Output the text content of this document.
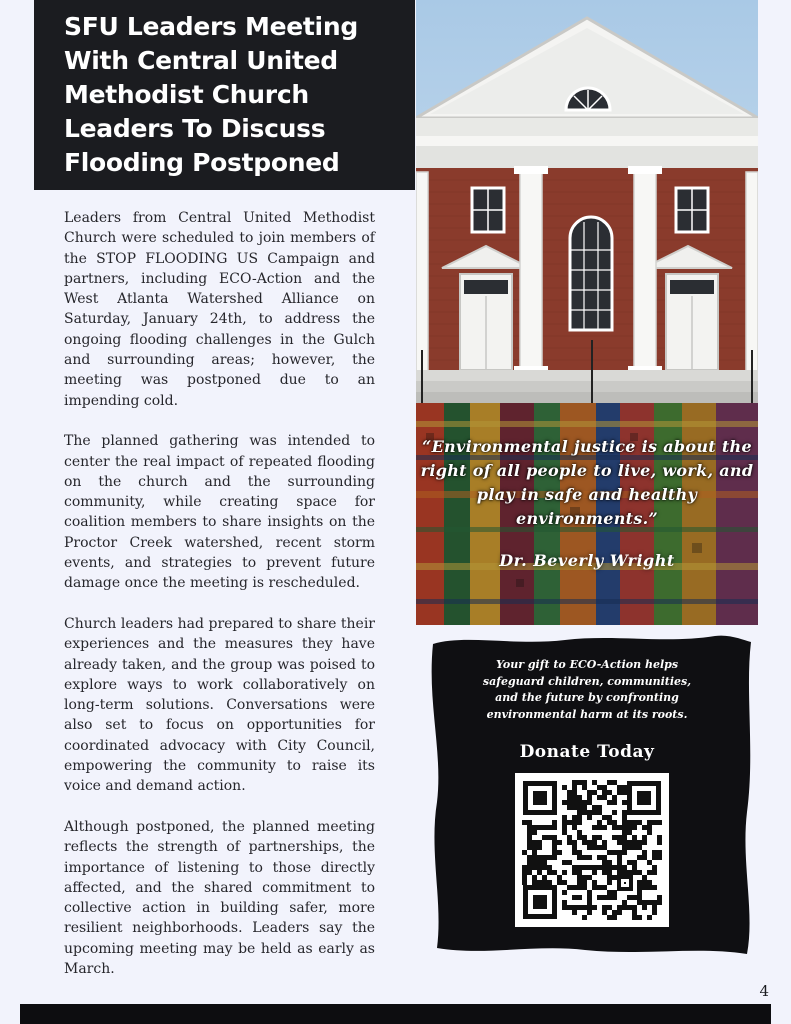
SFU Leaders Meeting With Central United Methodist Church Leaders To Discuss Flooding Postponed

Leaders from Central United Methodist Church were scheduled to join members of the STOP FLOODING US Campaign and partners, including ECO-Action and the West Atlanta Watershed Alliance on Saturday, January 24th, to address the ongoing flooding challenges in the Gulch and surrounding areas; however, the meeting was postponed due to an impending cold.

The planned gathering was intended to center the real impact of repeated flooding on the church and the surrounding community, while creating space for coalition members to share insights on the Proctor Creek watershed, recent storm events, and strategies to prevent future damage once the meeting is rescheduled.

Church leaders had prepared to share their experiences and the measures they have already taken, and the group was poised to explore ways to work collaboratively on long-term solutions. Conversations were also set to focus on opportunities for coordinated advocacy with City Council, empowering the community to raise its voice and demand action.

Although postponed, the planned meeting reflects the strength of partnerships, the importance of listening to those directly affected, and the shared commitment to collective action in building safer, more resilient neighborhoods. Leaders say the upcoming meeting may be held as early as March.

“Environmental justice is about the right of all people to live, work, and play in safe and healthy environments.”
Dr. Beverly Wright
Your gift to ECO-Action helps safeguard children, communities, and the future by confronting environmental harm at its roots.
Donate Today
4
